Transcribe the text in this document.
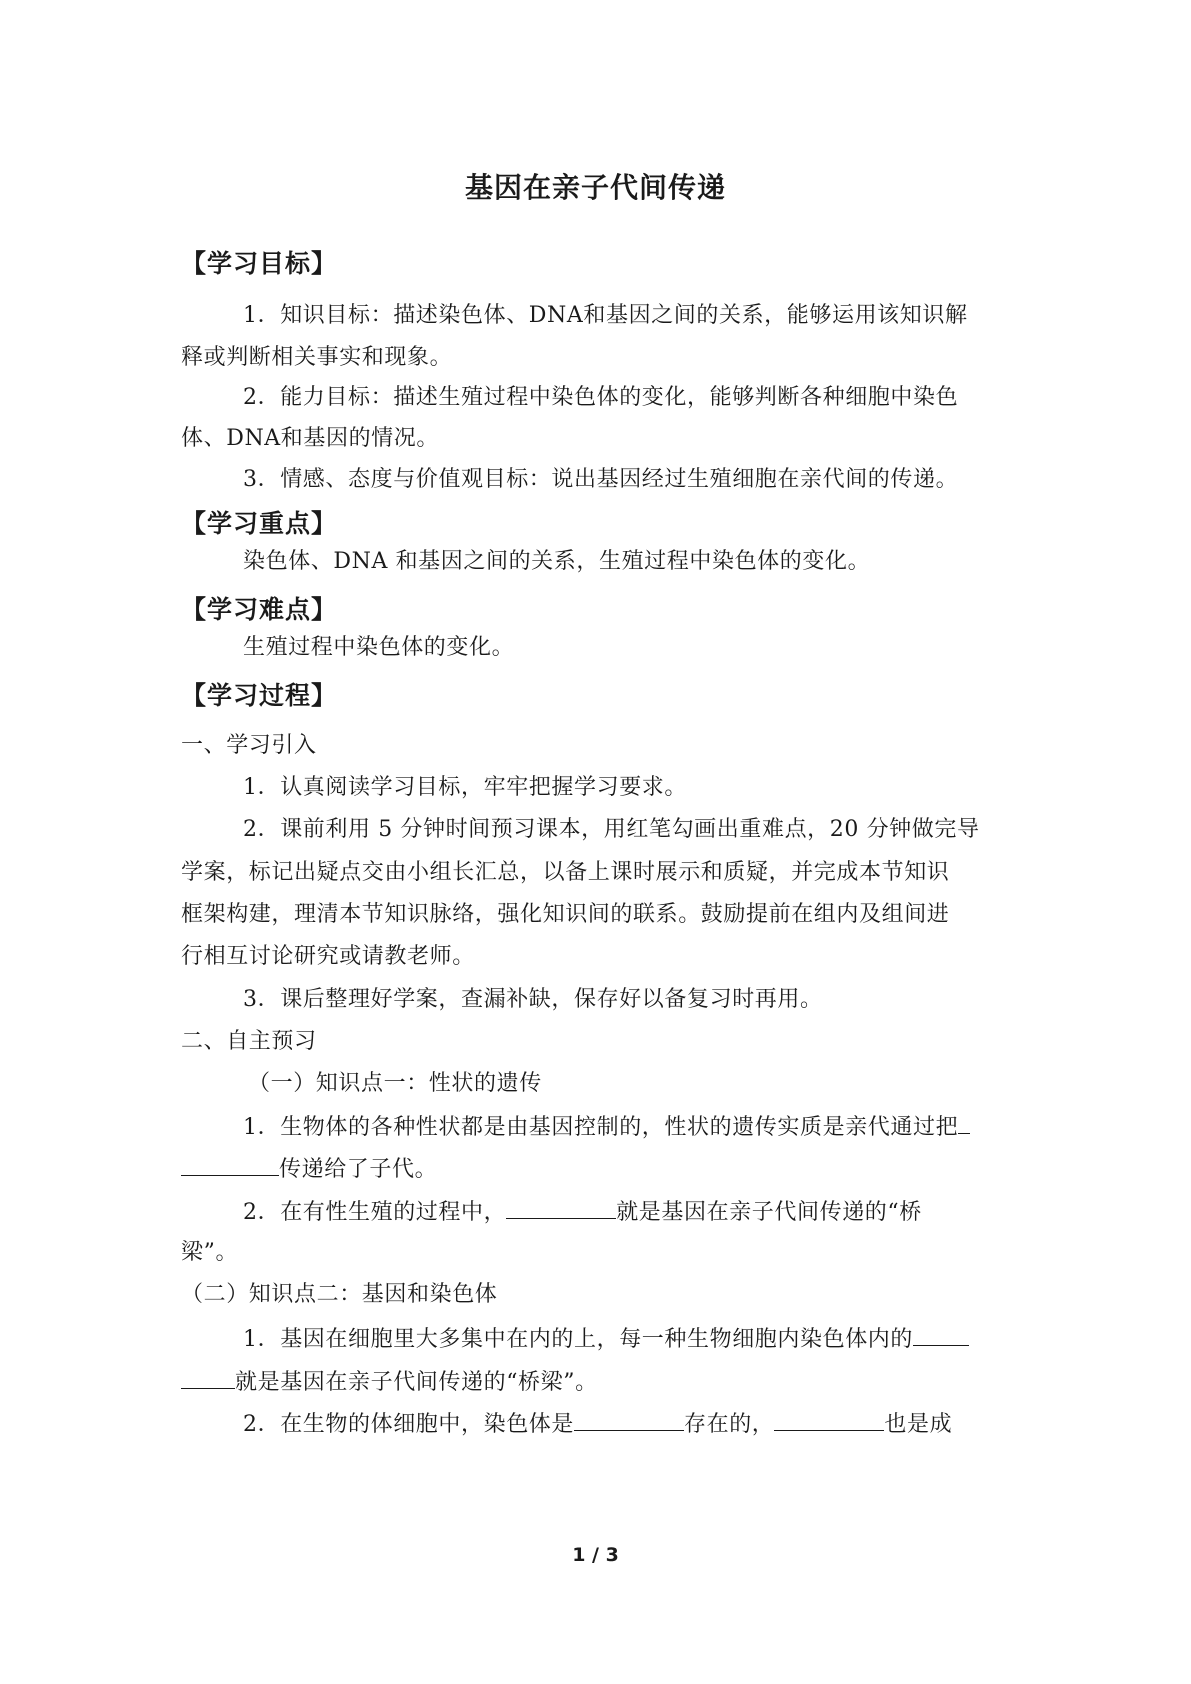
基因在亲子代间传递
【学习目标】
1．知识目标：描述染色体、DNA和基因之间的关系，能够运用该知识解
释或判断相关事实和现象。
2．能力目标：描述生殖过程中染色体的变化，能够判断各种细胞中染色
体、DNA和基因的情况。
3．情感、态度与价值观目标：说出基因经过生殖细胞在亲代间的传递。
【学习重点】
染色体、DNA 和基因之间的关系，生殖过程中染色体的变化。
【学习难点】
生殖过程中染色体的变化。
【学习过程】
一、学习引入
1．认真阅读学习目标，牢牢把握学习要求。
2．课前利用 5 分钟时间预习课本，用红笔勾画出重难点，20 分钟做完导
学案，标记出疑点交由小组长汇总，以备上课时展示和质疑，并完成本节知识
框架构建，理清本节知识脉络，强化知识间的联系。鼓励提前在组内及组间进
行相互讨论研究或请教老师。
3．课后整理好学案，查漏补缺，保存好以备复习时再用。
二、自主预习
（一）知识点一：性状的遗传
1．生物体的各种性状都是由基因控制的，性状的遗传实质是亲代通过把
传递给了子代。
2．在有性生殖的过程中，	就是基因在亲子代间传递的“桥
梁”。
（二）知识点二：基因和染色体
1．基因在细胞里大多集中在内的上，每一种生物细胞内染色体内的
就是基因在亲子代间传递的“桥梁”。
2．在生物的体细胞中，染色体是	存在的，	也是成
1 / 3
